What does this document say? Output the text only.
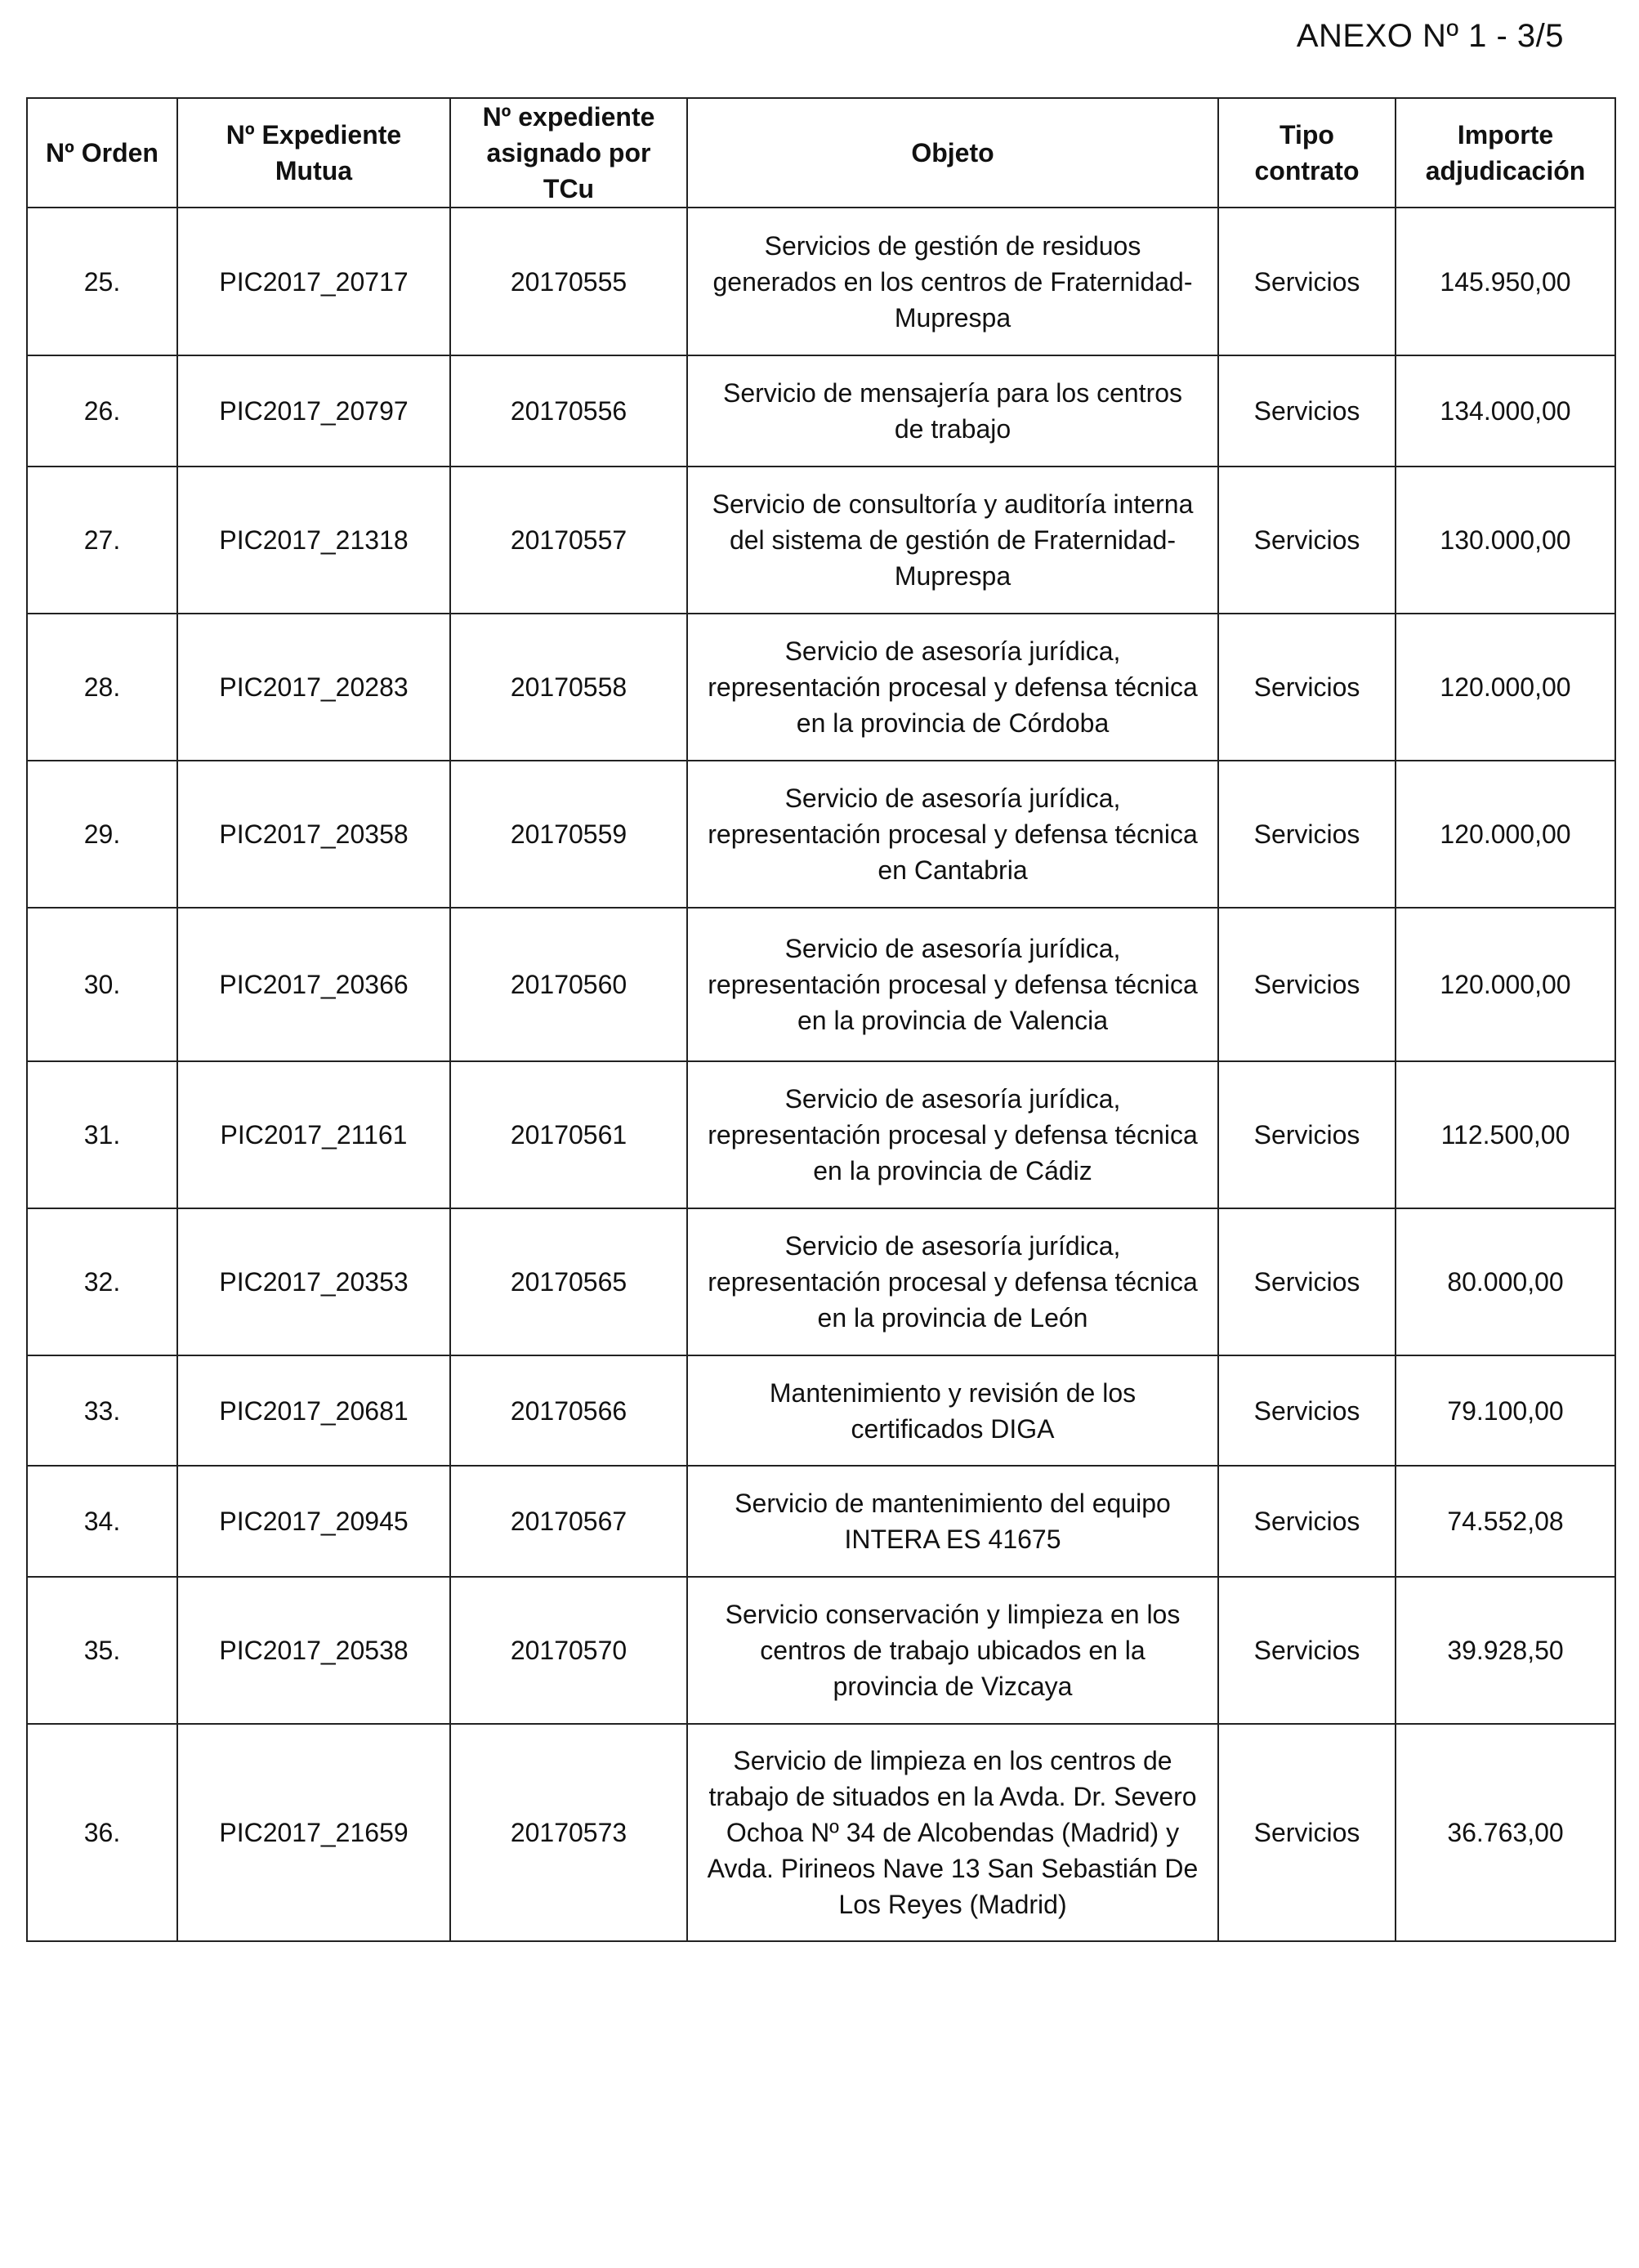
ANEXO Nº 1 - 3/5
Nº Orden	Nº Expediente Mutua	Nº expediente asignado por TCu	Objeto	Tipo contrato	Importe adjudicación
25.	PIC2017_20717	20170555	Servicios de gestión de residuos generados en los centros de Fraternidad-Muprespa	Servicios	145.950,00
26.	PIC2017_20797	20170556	Servicio de mensajería para los centros de trabajo	Servicios	134.000,00
27.	PIC2017_21318	20170557	Servicio de consultoría y auditoría interna del sistema de gestión de Fraternidad-Muprespa	Servicios	130.000,00
28.	PIC2017_20283	20170558	Servicio de asesoría jurídica, representación procesal y defensa técnica en la provincia de Córdoba	Servicios	120.000,00
29.	PIC2017_20358	20170559	Servicio de asesoría jurídica, representación procesal y defensa técnica en Cantabria	Servicios	120.000,00
30.	PIC2017_20366	20170560	Servicio de asesoría jurídica, representación procesal y defensa técnica en la provincia de Valencia	Servicios	120.000,00
31.	PIC2017_21161	20170561	Servicio de asesoría jurídica, representación procesal y defensa técnica en la provincia de Cádiz	Servicios	112.500,00
32.	PIC2017_20353	20170565	Servicio de asesoría jurídica, representación procesal y defensa técnica en la provincia de León	Servicios	80.000,00
33.	PIC2017_20681	20170566	Mantenimiento y revisión de los certificados DIGA	Servicios	79.100,00
34.	PIC2017_20945	20170567	Servicio de mantenimiento del equipo INTERA ES 41675	Servicios	74.552,08
35.	PIC2017_20538	20170570	Servicio conservación y limpieza en los centros de trabajo ubicados en la provincia de Vizcaya	Servicios	39.928,50
36.	PIC2017_21659	20170573	Servicio de limpieza en los centros de trabajo de situados en la Avda. Dr. Severo Ochoa Nº 34 de Alcobendas (Madrid) y Avda. Pirineos Nave 13 San Sebastián De Los Reyes (Madrid)	Servicios	36.763,00
